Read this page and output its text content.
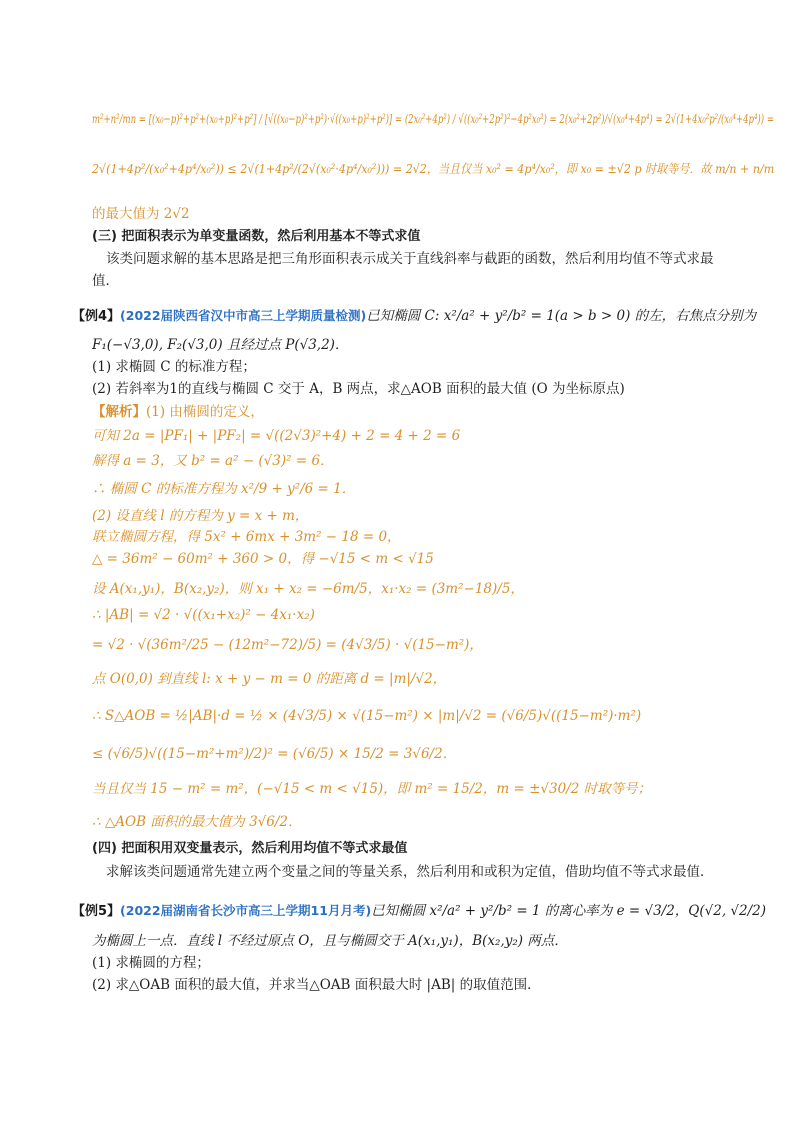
m²+n²/mn = [(x₀−p)²+p²+(x₀+p)²+p²] / [√((x₀−p)²+p²)·√((x₀+p)²+p²)] = (2x₀²+4p²) / √((x₀²+2p²)²−4p²x₀²) = 2(x₀²+2p²)/√(x₀⁴+4p⁴) = 2√(1+4x₀²p²/(x₀⁴+4p⁴)) =
2√(1+4p²/(x₀²+4p⁴/x₀²)) ≤ 2√(1+4p²/(2√(x₀²·4p⁴/x₀²))) = 2√2，当且仅当 x₀² = 4p⁴/x₀²，即 x₀ = ±√2 p 时取等号．故 m/n + n/m
的最大值为 2√2
(三) 把面积表示为单变量函数，然后利用基本不等式求值
该类问题求解的基本思路是把三角形面积表示成关于直线斜率与截距的函数，然后利用均值不等式求最
值．
【例4】(2022届陕西省汉中市高三上学期质量检测)已知椭圆 C: x²/a² + y²/b² = 1(a > b > 0) 的左，右焦点分别为
F₁(−√3,0), F₂(√3,0) 且经过点 P(√3,2)．
(1) 求椭圆 C 的标准方程；
(2) 若斜率为1的直线与椭圆 C 交于 A，B 两点，求△AOB 面积的最大值 (O 为坐标原点)
【解析】(1) 由椭圆的定义，
可知 2a = |PF₁| + |PF₂| = √((2√3)²+4) + 2 = 4 + 2 = 6
解得 a = 3，又 b² = a² − (√3)² = 6．
∴ 椭圆 C 的标准方程为 x²/9 + y²/6 = 1．
(2) 设直线 l 的方程为 y = x + m，
联立椭圆方程，得 5x² + 6mx + 3m² − 18 = 0，
△ = 36m² − 60m² + 360 > 0，得 −√15 < m < √15
设 A(x₁,y₁)，B(x₂,y₂)，则 x₁ + x₂ = −6m/5，x₁·x₂ = (3m²−18)/5，
∴ |AB| = √2 · √((x₁+x₂)² − 4x₁·x₂)
= √2 · √(36m²/25 − (12m²−72)/5) = (4√3/5) · √(15−m²)，
点 O(0,0) 到直线 l: x + y − m = 0 的距离 d = |m|/√2，
∴ S△AOB = ½|AB|·d = ½ × (4√3/5) × √(15−m²) × |m|/√2 = (√6/5)√((15−m²)·m²)
≤ (√6/5)√((15−m²+m²)/2)² = (√6/5) × 15/2 = 3√6/2．
当且仅当 15 − m² = m²，(−√15 < m < √15)，即 m² = 15/2，m = ±√30/2 时取等号；
∴ △AOB 面积的最大值为 3√6/2．
(四) 把面积用双变量表示，然后利用均值不等式求最值
求解该类问题通常先建立两个变量之间的等量关系，然后利用和或积为定值，借助均值不等式求最值．
【例5】(2022届湖南省长沙市高三上学期11月月考)已知椭圆 x²/a² + y²/b² = 1 的离心率为 e = √3/2，Q(√2, √2/2)
为椭圆上一点．直线 l 不经过原点 O，且与椭圆交于 A(x₁,y₁)，B(x₂,y₂) 两点．
(1) 求椭圆的方程；
(2) 求△OAB 面积的最大值，并求当△OAB 面积最大时 |AB| 的取值范围．
